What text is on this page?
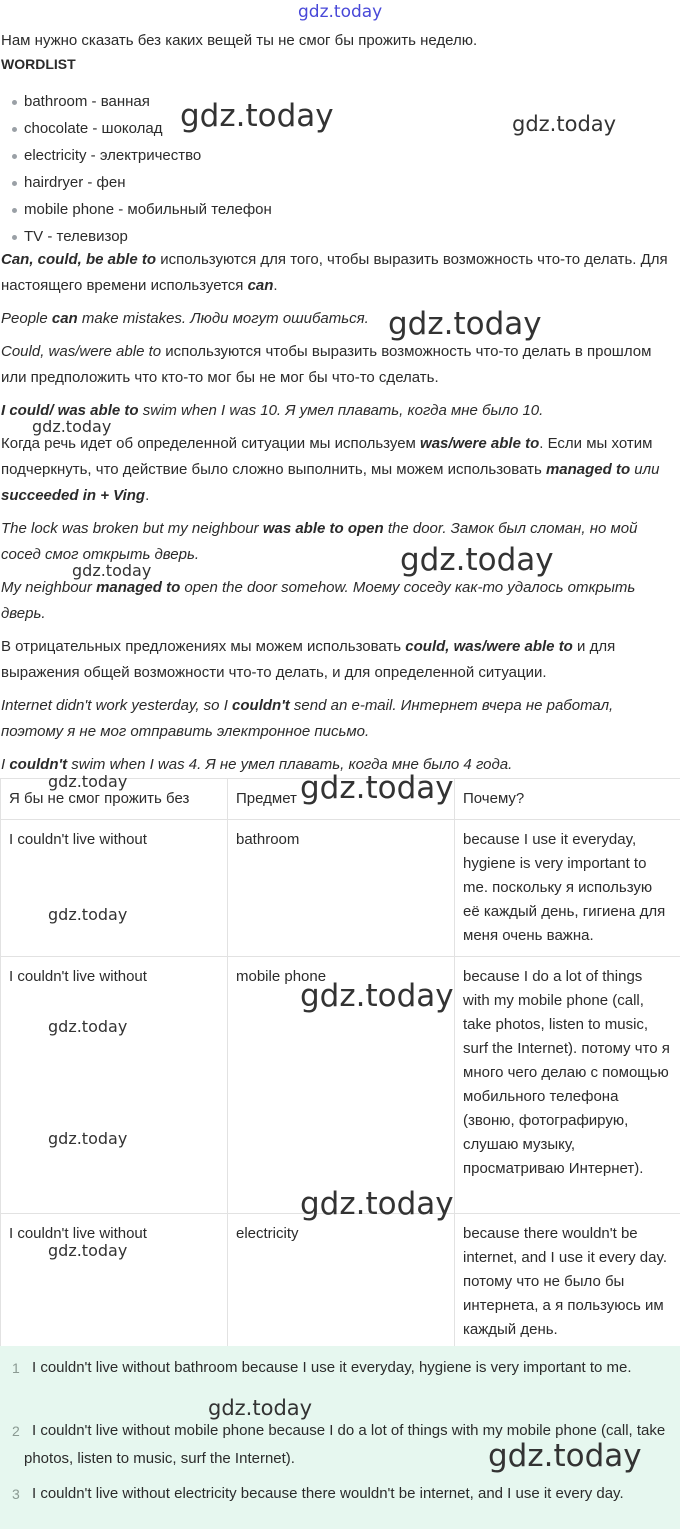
gdz.today

Нам нужно сказать без каких вещей ты не смог бы прожить неделю.

WORDLIST
bathroom - ванная
chocolate - шоколад
electricity - электричество
hairdryer - фен
mobile phone - мобильный телефон
TV - телевизор

Can, could, be able to используются для того, чтобы выразить возможность что-то делать. Для настоящего времени используется can.

People can make mistakes. Люди могут ошибаться.

Could, was/were able to используются чтобы выразить возможность что-то делать в прошлом или предположить что кто-то мог бы не мог бы что-то сделать.

I could/ was able to swim when I was 10. Я умел плавать, когда мне было 10.

Когда речь идет об определенной ситуации мы используем was/were able to. Если мы хотим подчеркнуть, что действие было сложно выполнить, мы можем использовать managed to или succeeded in + Ving.

The lock was broken but my neighbour was able to open the door. Замок был сломан, но мой сосед смог открыть дверь.

My neighbour managed to open the door somehow. Моему соседу как-то удалось открыть дверь.

В отрицательных предложениях мы можем использовать could, was/were able to и для выражения общей возможности что-то делать, и для определенной ситуации.

Internet didn't work yesterday, so I couldn't send an e-mail. Интернет вчера не работал, поэтому я не мог отправить электронное письмо.

I couldn't swim when I was 4. Я не умел плавать, когда мне было 4 года.

Я бы не смог прожить без	Предмет	Почему?
I couldn't live without	bathroom	because I use it everyday, hygiene is very important to me. поскольку я использую её каждый день, гигиена для меня очень важна.
I couldn't live without	mobile phone	because I do a lot of things with my mobile phone (call, take photos, listen to music, surf the Internet). потому что я много чего делаю с помощью мобильного телефона (звоню, фотографирую, слушаю музыку, просматриваю Интернет).
I couldn't live without	electricity	because there wouldn't be internet, and I use it every day. потому что не было бы интернета, а я пользуюсь им каждый день.
1 I couldn't live without bathroom because I use it everyday, hygiene is very important to me.
2 I couldn't live without mobile phone because I do a lot of things with my mobile phone (call, take photos, listen to music, surf the Internet).
3 I couldn't live without electricity because there wouldn't be internet, and I use it every day.
gdz.today	gdz.today
gdz.today
gdz.today
gdz.today
gdz.today
gdz.today	gdz.today
gdz.today
gdz.today
gdz.today
gdz.today
gdz.today
gdz.today
gdz.today
gdz.today
